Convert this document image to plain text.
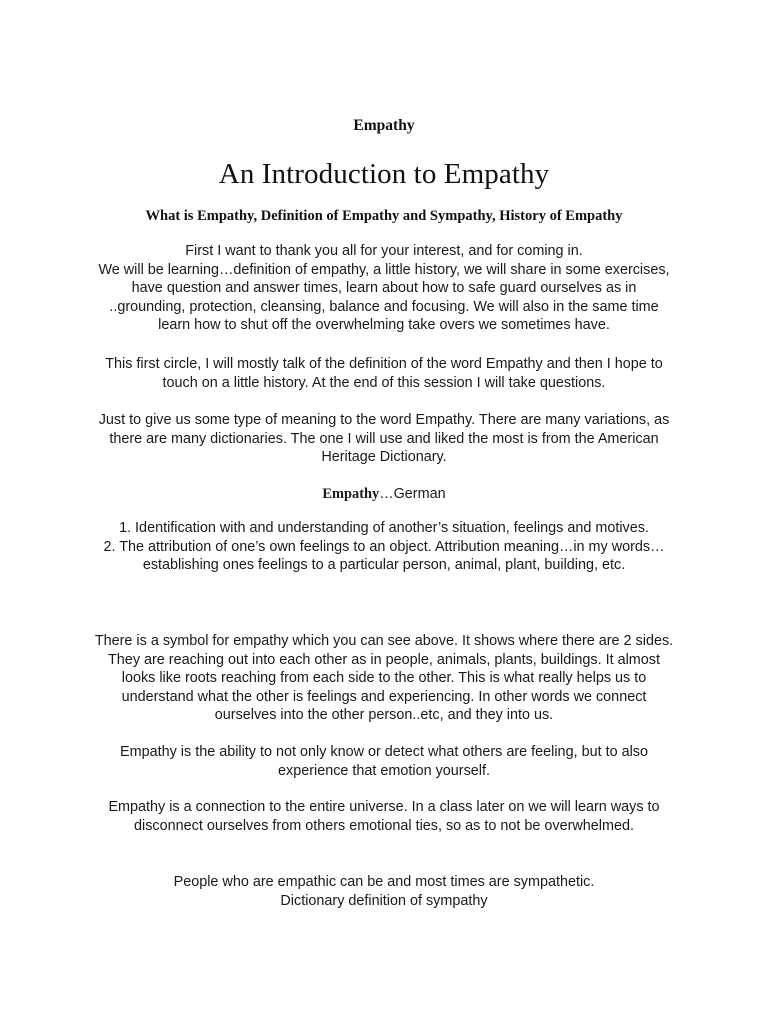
Empathy
An Introduction to Empathy
What is Empathy, Definition of Empathy and Sympathy, History of Empathy

First I want to thank you all for your interest, and for coming in.

We will be learning…definition of empathy, a little history, we will share in some exercises, have question and answer times, learn about how to safe guard ourselves as in ..grounding, protection, cleansing, balance and focusing. We will also in the same time learn how to shut off the overwhelming take overs we sometimes have.

This first circle, I will mostly talk of the definition of the word Empathy and then I hope to touch on a little history. At the end of this session I will take questions.

Just to give us some type of meaning to the word Empathy. There are many variations, as there are many dictionaries. The one I will use and liked the most is from the American Heritage Dictionary.

Empathy…German

1. Identification with and understanding of another’s situation, feelings and motives.

2. The attribution of one’s own feelings to an object. Attribution meaning…in my words…establishing ones feelings to a particular person, animal, plant, building, etc.

There is a symbol for empathy which you can see above. It shows where there are 2 sides. They are reaching out into each other as in people, animals, plants, buildings. It almost looks like roots reaching from each side to the other. This is what really helps us to understand what the other is feelings and experiencing. In other words we connect ourselves into the other person..etc, and they into us.

Empathy is the ability to not only know or detect what others are feeling, but to also experience that emotion yourself.

Empathy is a connection to the entire universe. In a class later on we will learn ways to disconnect ourselves from others emotional ties, so as to not be overwhelmed.

People who are empathic can be and most times are sympathetic.

Dictionary definition of sympathy
